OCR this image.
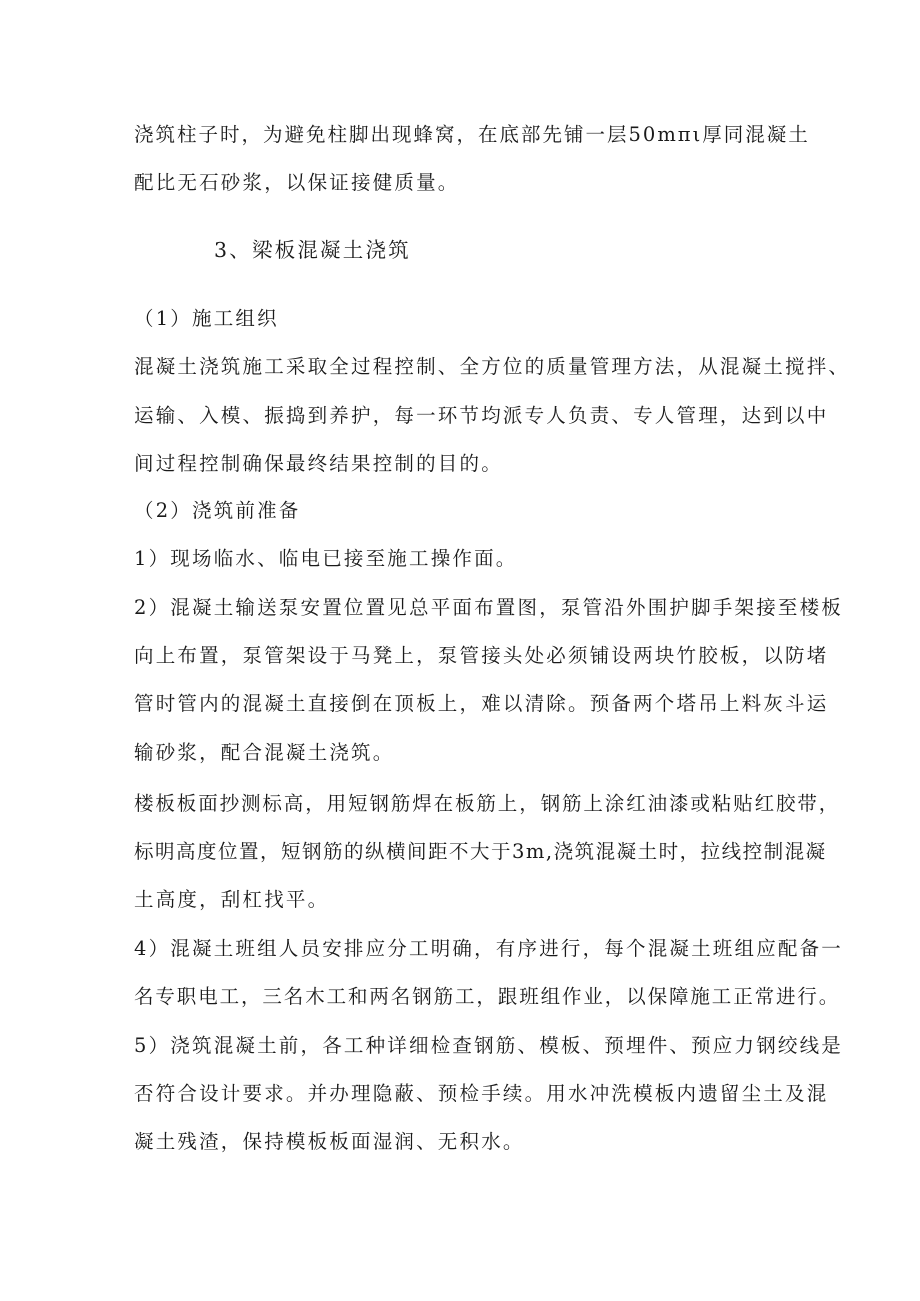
浇筑柱子时，为避免柱脚出现蜂窝，在底部先铺一层50mπι厚同混凝土
配比无石砂浆，以保证接健质量。
3、梁板混凝土浇筑
（1）施工组织
混凝土浇筑施工采取全过程控制、全方位的质量管理方法，从混凝土搅拌、
运输、入模、振捣到养护，每一环节均派专人负责、专人管理，达到以中
间过程控制确保最终结果控制的目的。
（2）浇筑前准备
1）现场临水、临电已接至施工操作面。
2）混凝土输送泵安置位置见总平面布置图，泵管沿外围护脚手架接至楼板
向上布置，泵管架设于马凳上，泵管接头处必须铺设两块竹胶板，以防堵
管时管内的混凝土直接倒在顶板上，难以清除。预备两个塔吊上料灰斗运
输砂浆，配合混凝土浇筑。
楼板板面抄测标高，用短钢筋焊在板筋上，钢筋上涂红油漆或粘贴红胶带，
标明高度位置，短钢筋的纵横间距不大于3m,浇筑混凝土时，拉线控制混凝
土高度，刮杠找平。
4）混凝土班组人员安排应分工明确，有序进行，每个混凝土班组应配备一
名专职电工，三名木工和两名钢筋工，跟班组作业，以保障施工正常进行。
5）浇筑混凝土前，各工种详细检查钢筋、模板、预埋件、预应力钢绞线是
否符合设计要求。并办理隐蔽、预检手续。用水冲洗模板内遗留尘土及混
凝土残渣，保持模板板面湿润、无积水。
